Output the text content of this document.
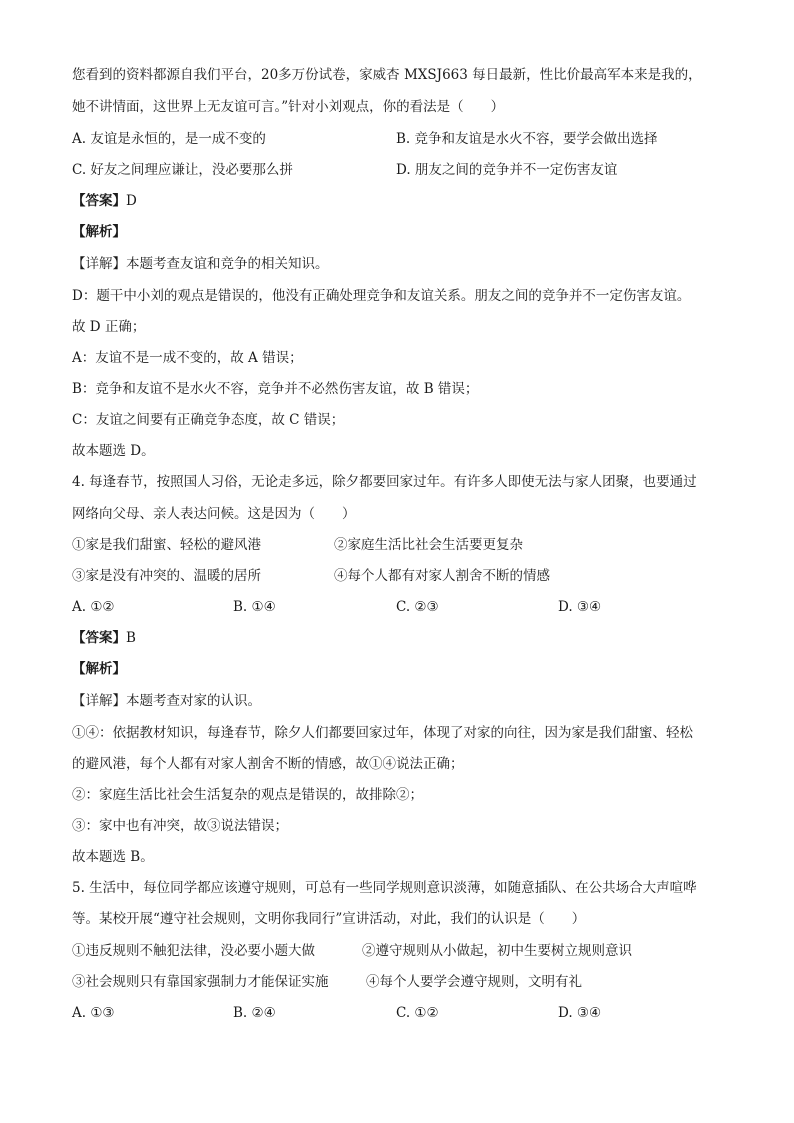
您看到的资料都源自我们平台，20多万份试卷，家威杏 MXSJ663 每日最新，性比价最高军本来是我的，
她不讲情面，这世界上无友谊可言。”针对小刘观点，你的看法是（　　）
A. 友谊是永恒的，是一成不变的	B. 竞争和友谊是水火不容，要学会做出选择
C. 好友之间理应谦让，没必要那么拼	D. 朋友之间的竞争并不一定伤害友谊
【答案】D
【解析】
【详解】本题考查友谊和竞争的相关知识。
D：题干中小刘的观点是错误的，他没有正确处理竞争和友谊关系。朋友之间的竞争并不一定伤害友谊。
故 D 正确；
A：友谊不是一成不变的，故 A 错误；
B：竞争和友谊不是水火不容，竞争并不必然伤害友谊，故 B 错误；
C：友谊之间要有正确竞争态度，故 C 错误；
故本题选 D。
4. 每逢春节，按照国人习俗，无论走多远，除夕都要回家过年。有许多人即使无法与家人团聚，也要通过
网络向父母、亲人表达问候。这是因为（　　）
①家是我们甜蜜、轻松的避风港	②家庭生活比社会生活要更复杂
③家是没有冲突的、温暖的居所	④每个人都有对家人割舍不断的情感
A. ①②	B. ①④	C. ②③	D. ③④
【答案】B
【解析】
【详解】本题考查对家的认识。
①④：依据教材知识，每逢春节，除夕人们都要回家过年，体现了对家的向往，因为家是我们甜蜜、轻松
的避风港，每个人都有对家人割舍不断的情感，故①④说法正确；
②：家庭生活比社会生活复杂的观点是错误的，故排除②；
③：家中也有冲突，故③说法错误；
故本题选 B。
5. 生活中，每位同学都应该遵守规则，可总有一些同学规则意识淡薄，如随意插队、在公共场合大声喧哗
等。某校开展“遵守社会规则，文明你我同行”宣讲活动，对此，我们的认识是（　　）
①违反规则不触犯法律，没必要小题大做	②遵守规则从小做起，初中生要树立规则意识
③社会规则只有靠国家强制力才能保证实施	④每个人要学会遵守规则，文明有礼
A. ①③	B. ②④	C. ①②	D. ③④
